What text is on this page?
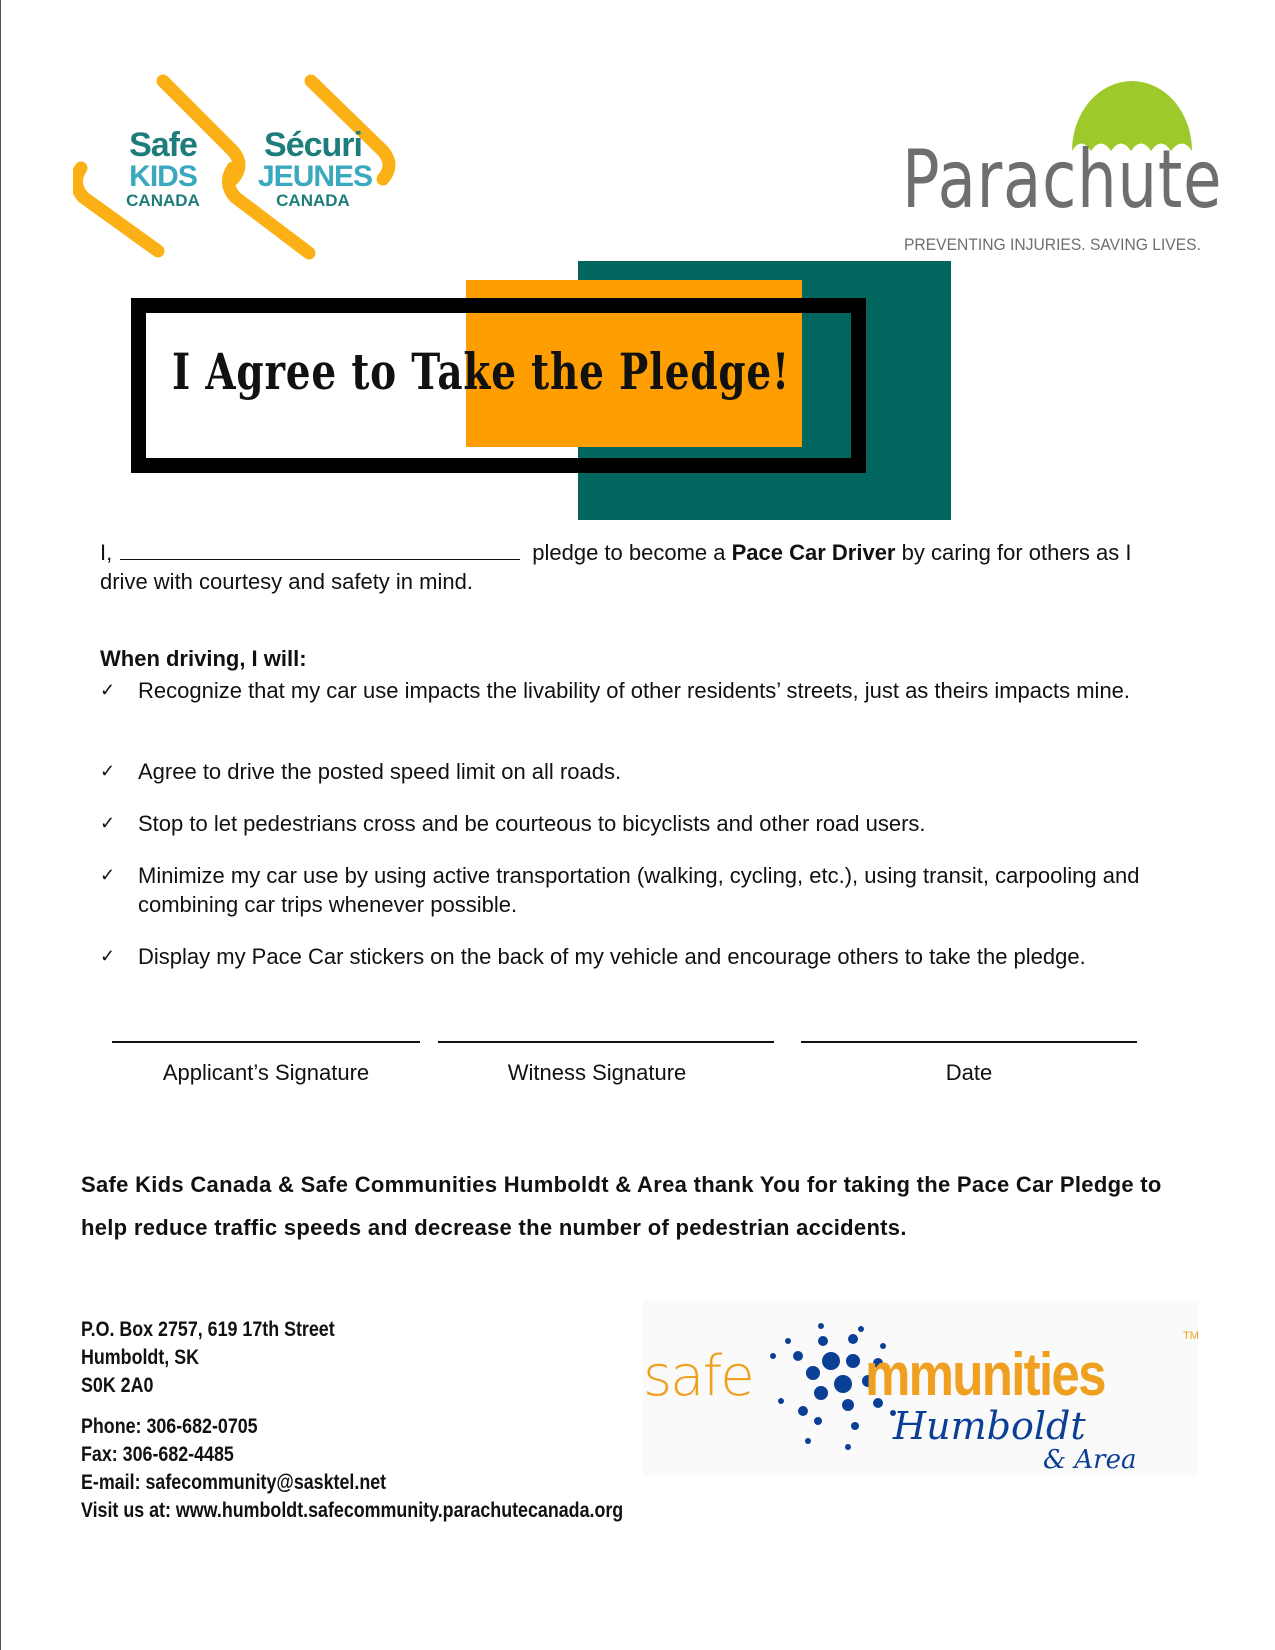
Safe
KIDS
CANADA
Sécuri
JEUNES
CANADA	Parachute
PREVENTING INJURIES. SAVING LIVES.
I Agree to Take the Pledge!
I,	pledge to become a Pace Car Driver by caring for others as I drive with courtesy and safety in mind.
When driving, I will:
✓ Recognize that my car use impacts the livability of other residents’ streets, just as theirs impacts mine.
✓ Agree to drive the posted speed limit on all roads.
✓ Stop to let pedestrians cross and be courteous to bicyclists and other road users.
✓ Minimize my car use by using active transportation (walking, cycling, etc.), using transit, carpooling and combining car trips whenever possible.
✓ Display my Pace Car stickers on the back of my vehicle and encourage others to take the pledge.
Applicant’s Signature	Witness Signature	Date
Safe Kids Canada & Safe Communities Humboldt & Area thank You for taking the Pace Car Pledge to help reduce traffic speeds and decrease the number of pedestrian accidents.
P.O. Box 2757, 619 17th Street
Humboldt, SK
S0K 2A0
Phone: 306-682-0705
Fax: 306-682-4485
E-mail: safecommunity@sasktel.net
Visit us at: www.humboldt.safecommunity.parachutecanada.org
safe mmunities
TM
Humboldt
& Area
